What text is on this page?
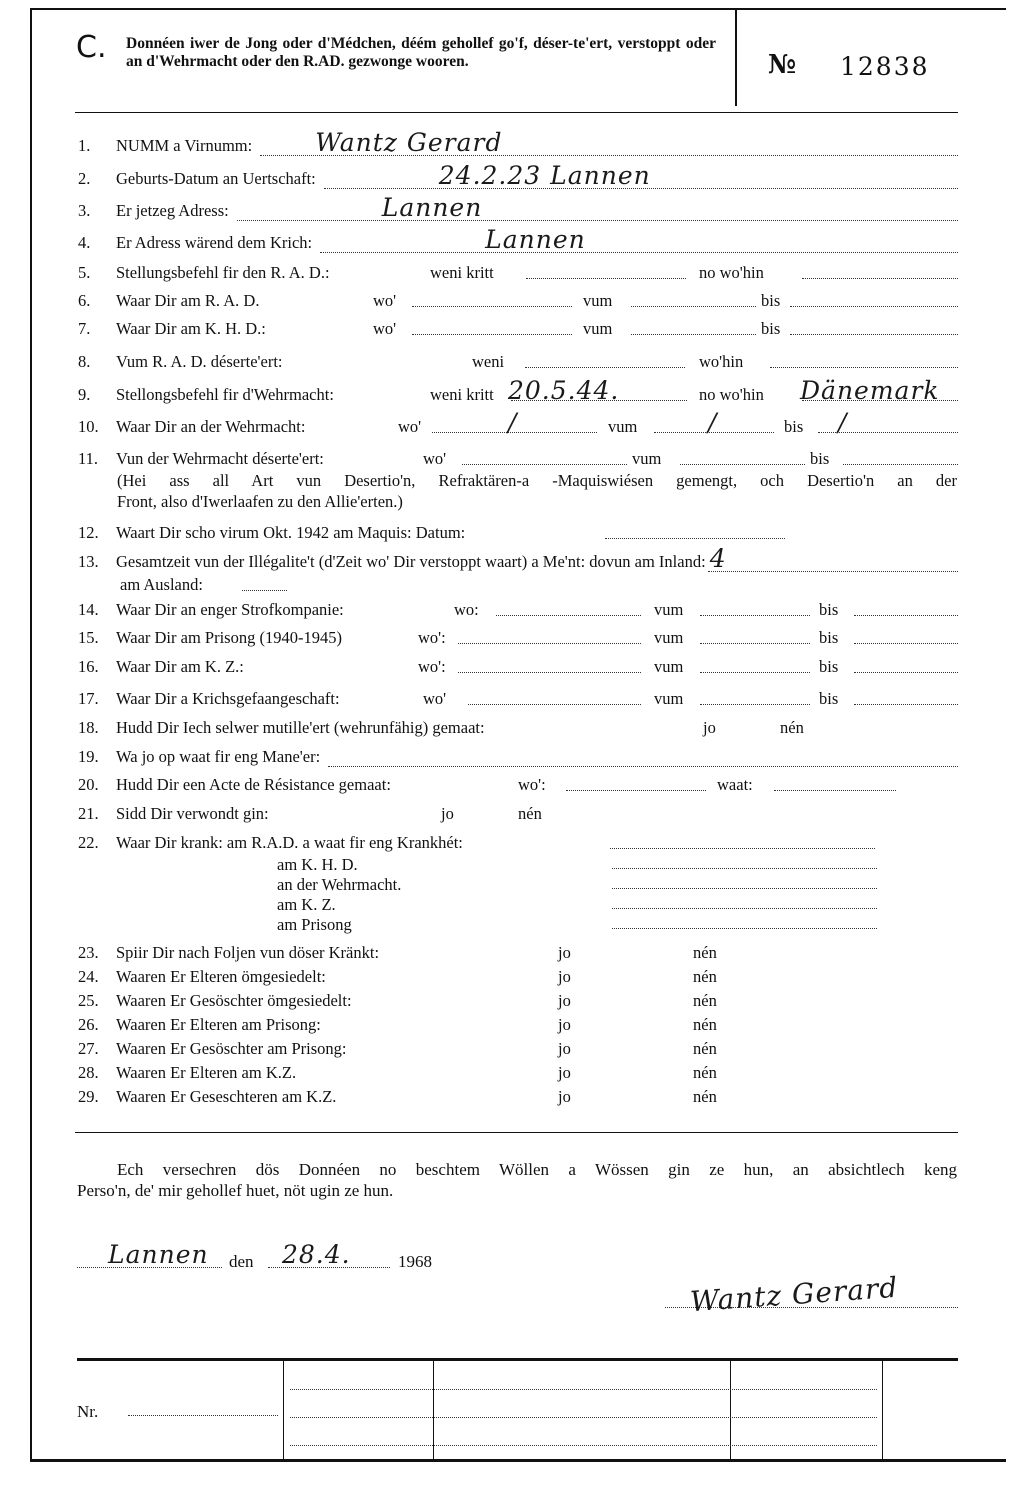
C. Donnéen iwer de Jong oder d'Médchen, déém gehollef go'f, déser-te'ert, verstoppt oder an d'Wehrmacht oder den R.AD. gezwonge wooren.	№ 12838
1.	NUMM a Virnumm:	Wantz Gerard
2.	Geburts-Datum an Uertschaft:	24.2.23 Lannen
3.	Er jetzeg Adress:	Lannen
4.	Er Adress wärend dem Krich:	Lannen
5.	Stellungsbefehl fir den R. A. D.:	weni kritt	no wo'hin
6.	Waar Dir am R. A. D.	wo'	vum	bis
7.	Waar Dir am K. H. D.:	wo'	vum	bis
8.	Vum R. A. D. déserte'ert:	weni	wo'hin
9.	Stellongsbefehl fir d'Wehrmacht:	weni kritt 20.5.44.	no wo'hin Dänemark
10.	Waar Dir an der Wehrmacht:	wo'	/	vum	/	bis /
11.	Vun der Wehrmacht déserte'ert:	wo'	vum	bis
(Hei ass all Art vun Desertio'n, Refraktären-a -Maquiswiésen gemengt, och Desertio'n an der
Front, also d'Iwerlaafen zu den Allie'erten.)
12.	Waart Dir scho virum Okt. 1942 am Maquis: Datum:
13.	Gesamtzeit vun der Illégalite't (d'Zeit wo' Dir verstoppt waart) a Me'nt: dovun am Inland: 4
am Ausland:
14.	Waar Dir an enger Strofkompanie:	wo:	vum	bis
15.	Waar Dir am Prisong (1940-1945)	wo':	vum	bis
16.	Waar Dir am K. Z.:	wo':	vum	bis
17.	Waar Dir a Krichsgefaangeschaft:	wo'	vum	bis
18.	Hudd Dir Iech selwer mutille'ert (wehrunfähig) gemaat:	jo	nén
19.	Wa jo op waat fir eng Mane'er:
20.	Hudd Dir een Acte de Résistance gemaat:	wo':	waat:
21.	Sidd Dir verwondt gin:	jo	nén
22.	Waar Dir krank: am R.A.D. a waat fir eng Krankhét:
am K. H. D.
an der Wehrmacht.
am K. Z.
am Prisong
23.	Spiir Dir nach Foljen vun döser Kränkt:	jo	nén
24.	Waaren Er Elteren ömgesiedelt:	jo	nén
25.	Waaren Er Gesöschter ömgesiedelt:	jo	nén
26.	Waaren Er Elteren am Prisong:	jo	nén
27.	Waaren Er Gesöschter am Prisong:	jo	nén
28.	Waaren Er Elteren am K.Z.	jo	nén
29.	Waaren Er Geseschteren am K.Z.	jo	nén
Ech versechren dös Donnéen no beschtem Wöllen a Wössen gin ze hun, an absichtlech keng
Perso'n, de' mir gehollef huet, nöt ugin ze hun.
Lannen den 28.4.	1968
Wantz Gerard
Nr.
